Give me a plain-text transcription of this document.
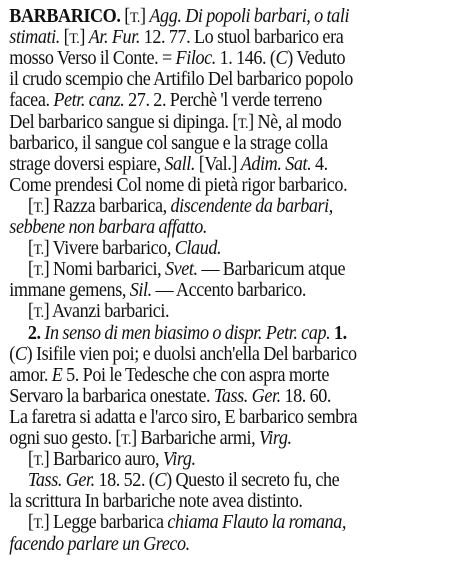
BARBARICO. [T.] Agg. Di popoli barbari, o tali
stimati. [T.] Ar. Fur. 12. 77. Lo stuol barbarico era
mosso Verso il Conte. = Filoc. 1. 146. (C) Veduto
il crudo scempio che Artifilo Del barbarico popolo
facea. Petr. canz. 27. 2. Perchè 'l verde terreno
Del barbarico sangue si dipinga. [T.] Nè, al modo
barbarico, il sangue col sangue e la strage colla
strage doversi espiare, Sall. [Val.] Adim. Sat. 4.
Come prendesi Col nome di pietà rigor barbarico.
[T.] Razza barbarica, discendente da barbari,
sebbene non barbara affatto.
[T.] Vivere barbarico, Claud.
[T.] Nomi barbarici, Svet. — Barbaricum atque
immane gemens, Sil. — Accento barbarico.
[T.] Avanzi barbarici.
2. In senso di men biasimo o dispr. Petr. cap. 1.
(C) Isifile vien poi; e duolsi anch'ella Del barbarico
amor. E 5. Poi le Tedesche che con aspra morte
Servaro la barbarica onestate. Tass. Ger. 18. 60.
La faretra si adatta e l'arco siro, E barbarico sembra
ogni suo gesto. [T.] Barbariche armi, Virg.
[T.] Barbarico auro, Virg.
Tass. Ger. 18. 52. (C) Questo il secreto fu, che
la scrittura In barbariche note avea distinto.
[T.] Legge barbarica chiama Flauto la romana,
facendo parlare un Greco.
